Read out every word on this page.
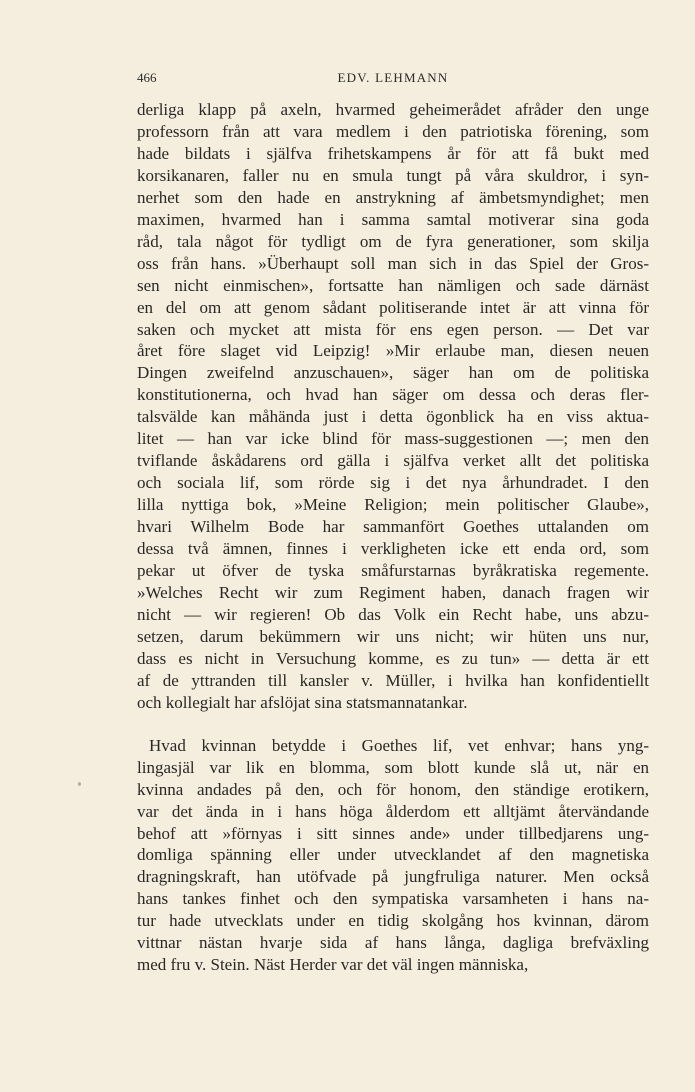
466	EDV. LEHMANN
derliga klapp på axeln, hvarmed geheimerådet afråder den unge
professorn från att vara medlem i den patriotiska förening, som
hade bildats i själfva frihetskampens år för att få bukt med
korsikanaren, faller nu en smula tungt på våra skuldror, i syn-
nerhet som den hade en anstrykning af ämbetsmyndighet; men
maximen, hvarmed han i samma samtal motiverar sina goda
råd, tala något för tydligt om de fyra generationer, som skilja
oss från hans. »Überhaupt soll man sich in das Spiel der Gros-
sen nicht einmischen», fortsatte han nämligen och sade därnäst
en del om att genom sådant politiserande intet är att vinna för
saken och mycket att mista för ens egen person. — Det var
året före slaget vid Leipzig! »Mir erlaube man, diesen neuen
Dingen zweifelnd anzuschauen», säger han om de politiska
konstitutionerna, och hvad han säger om dessa och deras fler-
talsvälde kan måhända just i detta ögonblick ha en viss aktua-
litet — han var icke blind för mass-suggestionen —; men den
tviflande åskådarens ord gälla i själfva verket allt det politiska
och sociala lif, som rörde sig i det nya århundradet. I den
lilla nyttiga bok, »Meine Religion; mein politischer Glaube»,
hvari Wilhelm Bode har sammanfört Goethes uttalanden om
dessa två ämnen, finnes i verkligheten icke ett enda ord, som
pekar ut öfver de tyska småfurstarnas byråkratiska regemente.
»Welches Recht wir zum Regiment haben, danach fragen wir
nicht — wir regieren! Ob das Volk ein Recht habe, uns abzu-
setzen, darum bekümmern wir uns nicht; wir hüten uns nur,
dass es nicht in Versuchung komme, es zu tun» — detta är ett
af de yttranden till kansler v. Müller, i hvilka han konfidentiellt
och kollegialt har afslöjat sina statsmannatankar.
Hvad kvinnan betydde i Goethes lif, vet enhvar; hans yng-
lingasjäl var lik en blomma, som blott kunde slå ut, när en
kvinna andades på den, och för honom, den ständige erotikern,
var det ända in i hans höga ålderdom ett alltjämt återvändande
behof att »förnyas i sitt sinnes ande» under tillbedjarens ung-
domliga spänning eller under utvecklandet af den magnetiska
dragningskraft, han utöfvade på jungfruliga naturer. Men också
hans tankes finhet och den sympatiska varsamheten i hans na-
tur hade utvecklats under en tidig skolgång hos kvinnan, därom
vittnar nästan hvarje sida af hans långa, dagliga brefväxling
med fru v. Stein. Näst Herder var det väl ingen människa,
